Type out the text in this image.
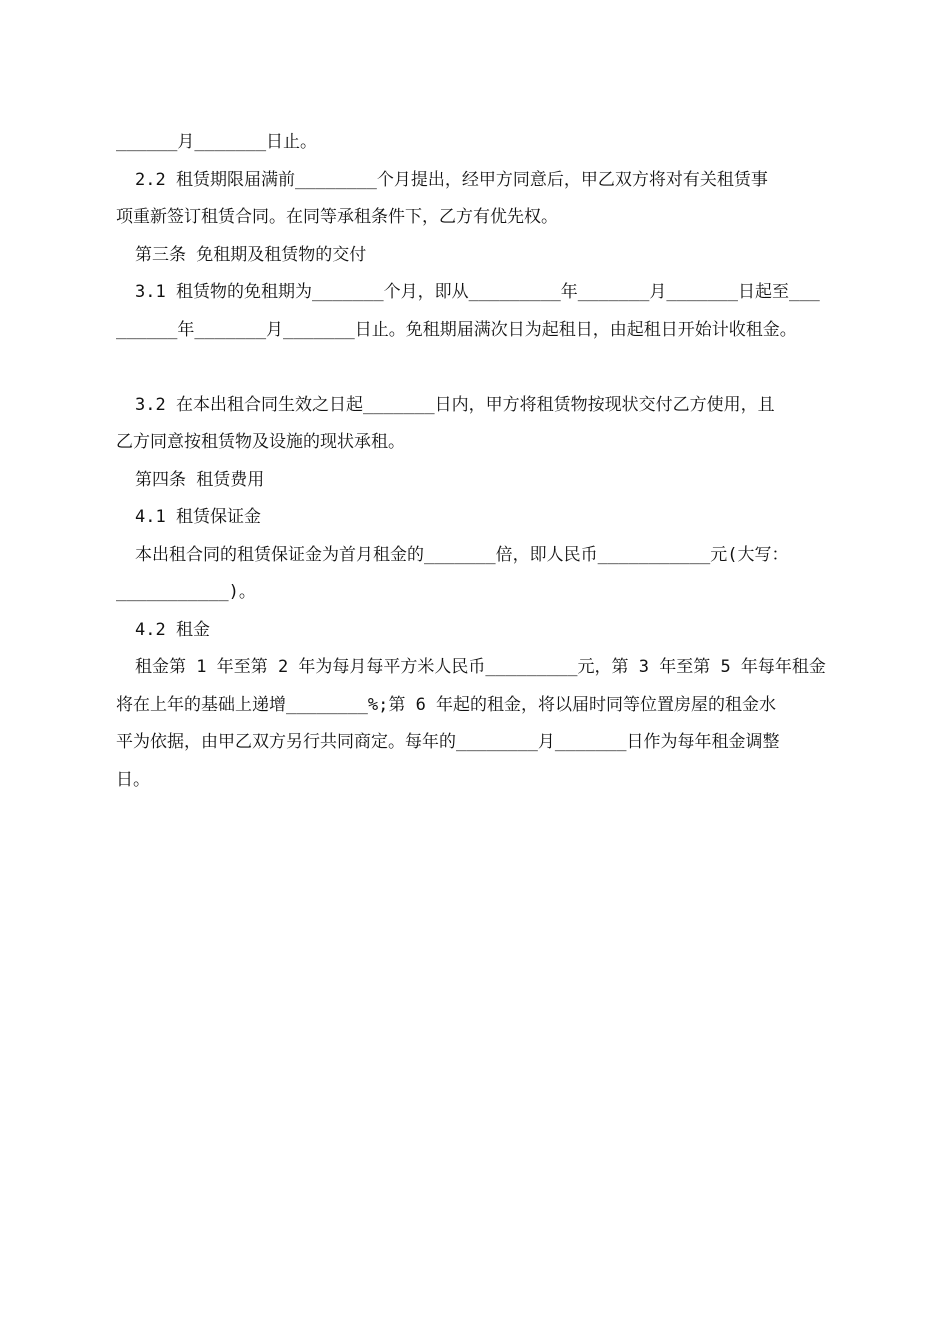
______月_______日止。
2.2 租赁期限届满前________个月提出，经甲方同意后，甲乙双方将对有关租赁事
项重新签订租赁合同。在同等承租条件下，乙方有优先权。
第三条 免租期及租赁物的交付
3.1 租赁物的免租期为_______个月，即从_________年_______月_______日起至___
______年_______月_______日止。免租期届满次日为起租日，由起租日开始计收租金。
3.2 在本出租合同生效之日起_______日内，甲方将租赁物按现状交付乙方使用，且
乙方同意按租赁物及设施的现状承租。
第四条 租赁费用
4.1 租赁保证金
本出租合同的租赁保证金为首月租金的_______倍，即人民币___________元(大写：
___________)。
4.2 租金
租金第 1 年至第 2 年为每月每平方米人民币_________元，第 3 年至第 5 年每年租金
将在上年的基础上递增________%;第 6 年起的租金，将以届时同等位置房屋的租金水
平为依据，由甲乙双方另行共同商定。每年的________月_______日作为每年租金调整
日。
